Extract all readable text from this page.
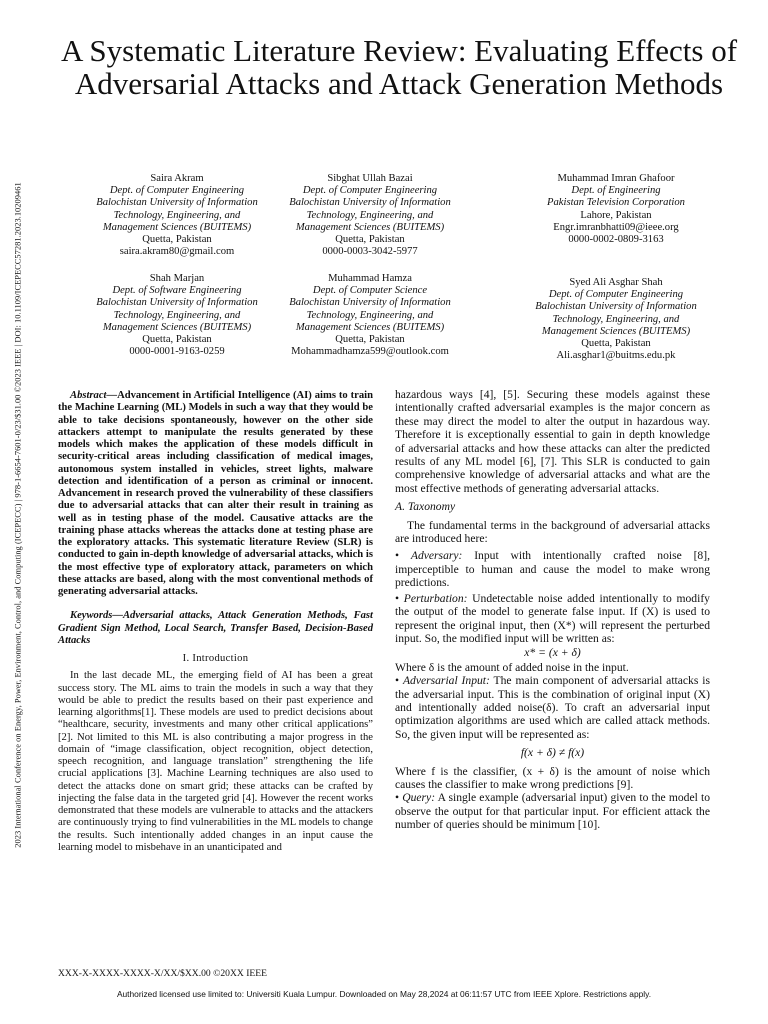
2023 International Conference on Energy, Power, Environment, Control, and Computing (ICEPECC) | 978-1-6654-7601-0/23/$31.00 ©2023 IEEE | DOI: 10.1109/ICEPECC57281.2023.10209461
A Systematic Literature Review: Evaluating Effects of Adversarial Attacks and Attack Generation Methods
Saira Akram
Dept. of Computer Engineering
Balochistan University of Information
Technology, Engineering, and
Management Sciences (BUITEMS)
Quetta, Pakistan
saira.akram80@gmail.com
Sibghat Ullah Bazai
Dept. of Computer Engineering
Balochistan University of Information
Technology, Engineering, and
Management Sciences (BUITEMS)
Quetta, Pakistan
0000-0003-3042-5977
Muhammad Imran Ghafoor
Dept. of Engineering
Pakistan Television Corporation
Lahore, Pakistan
Engr.imranbhatti09@ieee.org
0000-0002-0809-3163
Shah Marjan
Dept. of Software Engineering
Balochistan University of Information
Technology, Engineering, and
Management Sciences (BUITEMS)
Quetta, Pakistan
0000-0001-9163-0259
Muhammad Hamza
Dept. of Computer Science
Balochistan University of Information
Technology, Engineering, and
Management Sciences (BUITEMS)
Quetta, Pakistan
Mohammadhamza599@outlook.com
Syed Ali Asghar Shah
Dept. of Computer Engineering
Balochistan University of Information
Technology, Engineering, and
Management Sciences (BUITEMS)
Quetta, Pakistan
Ali.asghar1@buitms.edu.pk

Abstract—Advancement in Artificial Intelligence (AI) aims to train the Machine Learning (ML) Models in such a way that they would be able to take decisions spontaneously, however on the other side attackers attempt to manipulate the results generated by these models which makes the application of these models difficult in security-critical areas including classification of medical images, autonomous system installed in vehicles, street lights, malware detection and identification of a person as criminal or innocent. Advancement in research proved the vulnerability of these classifiers due to adversarial attacks that can alter their result in training as well as in testing phase of the model. Causative attacks are the training phase attacks whereas the attacks done at testing phase are the exploratory attacks. This systematic literature Review (SLR) is conducted to gain in-depth knowledge of adversarial attacks, which is the most effective type of exploratory attack, parameters on which these attacks are based, along with the most conventional methods of generating adversarial attacks.

Keywords—Adversarial attacks, Attack Generation Methods, Fast Gradient Sign Method, Local Search, Transfer Based, Decision-Based Attacks

I. Introduction

In the last decade ML, the emerging field of AI has been a great success story. The ML aims to train the models in such a way that they would be able to predict the results based on their past experience and learning algorithms[1]. These models are used to predict decisions about “healthcare, security, investments and many other critical applications” [2]. Not limited to this ML is also contributing a major progress in the domain of “image classification, object recognition, object detection, speech recognition, and language translation” strengthening the life crucial applications [3]. Machine Learning techniques are also used to detect the attacks done on smart grid; these attacks can be crafted by injecting the false data in the targeted grid [4]. However the recent works demonstrated that these models are vulnerable to attacks and the attackers are continuously trying to find vulnerabilities in the ML models to change the results. Such intentionally added changes in an input cause the learning model to misbehave in an unanticipated and

hazardous ways [4], [5]. Securing these models against these intentionally crafted adversarial examples is the major concern as these may direct the model to alter the output in hazardous way. Therefore it is exceptionally essential to gain in depth knowledge of adversarial attacks and how these attacks can alter the predicted results of any ML model [6], [7]. This SLR is conducted to gain comprehensive knowledge of adversarial attacks and what are the most effective methods of generating adversarial attacks.

A. Taxonomy

The fundamental terms in the background of adversarial attacks are introduced here:

• Adversary: Input with intentionally crafted noise [8], imperceptible to human and cause the model to make wrong predictions.

• Perturbation: Undetectable noise added intentionally to modify the output of the model to generate false input. If (X) is used to represent the original input, then (X*) will represent the perturbed input. So, the modified input will be written as:

x* = (x + δ)

Where δ is the amount of added noise in the input.

• Adversarial Input: The main component of adversarial attacks is the adversarial input. This is the combination of original input (X) and intentionally added noise(δ). To craft an adversarial input optimization algorithms are used which are called attack methods. So, the given input will be represented as:

f(x + δ) ≠ f(x)

Where f is the classifier, (x + δ) is the amount of noise which causes the classifier to make wrong predictions [9].

• Query: A single example (adversarial input) given to the model to observe the output for that particular input. For efficient attack the number of queries should be minimum [10].

XXX-X-XXXX-XXXX-X/XX/$XX.00 ©20XX IEEE
Authorized licensed use limited to: Universiti Kuala Lumpur. Downloaded on May 28,2024 at 06:11:57 UTC from IEEE Xplore. Restrictions apply.
